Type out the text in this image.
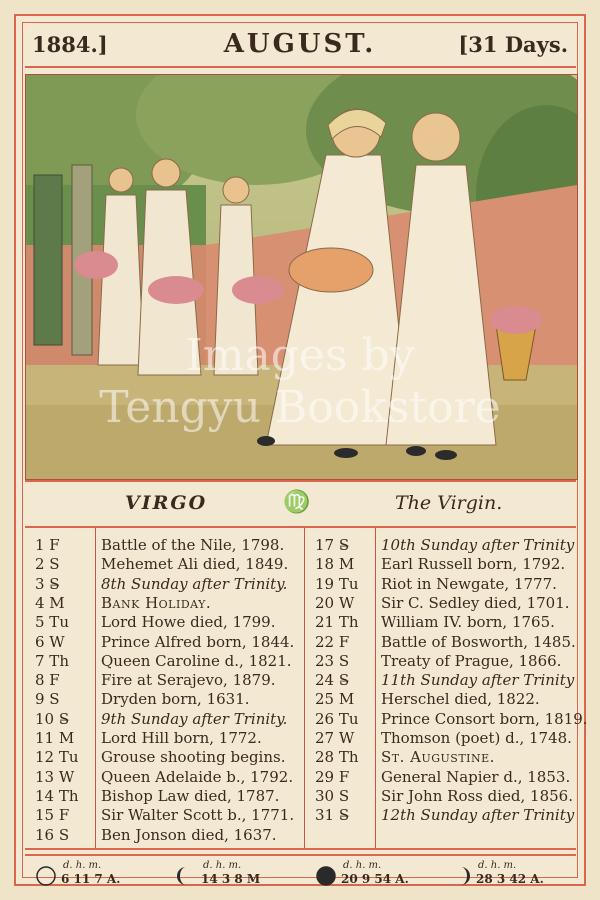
1884.]	AUGUST.	[31 Days.
VIRGO	♍	The Virgin.
1 F	Battle of the Nile, 1798.
2 S	Mehemet Ali died, 1849.
3 S̶	8th Sunday after Trinity.
4 M	Bank Holiday.
5 Tu	Lord Howe died, 1799.
6 W	Prince Alfred born, 1844.
7 Th	Queen Caroline d., 1821.
8 F	Fire at Serajevo, 1879.
9 S	Dryden born, 1631.
10 S̶	9th Sunday after Trinity.
11 M	Lord Hill born, 1772.
12 Tu	Grouse shooting begins.
13 W	Queen Adelaide b., 1792.
14 Th	Bishop Law died, 1787.
15 F	Sir Walter Scott b., 1771.
16 S	Ben Jonson died, 1637.
17 S̶	10th Sunday after Trinity
18 M	Earl Russell born, 1792.
19 Tu	Riot in Newgate, 1777.
20 W	Sir C. Sedley died, 1701.
21 Th	William IV. born, 1765.
22 F	Battle of Bosworth, 1485.
23 S	Treaty of Prague, 1866.
24 S̶	11th Sunday after Trinity
25 M	Herschel died, 1822.
26 Tu	Prince Consort born, 1819.
27 W	Thomson (poet) d., 1748.
28 Th	St. Augustine.
29 F	General Napier d., 1853.
30 S	Sir John Ross died, 1856.
31 S̶	12th Sunday after Trinity
d. h. m.
6 11 7 A.
d. h. m.
14 3 8 M
d. h. m.
20 9 54 A.
d. h. m.
28 3 42 A.
Images by
Tengyu Bookstore
